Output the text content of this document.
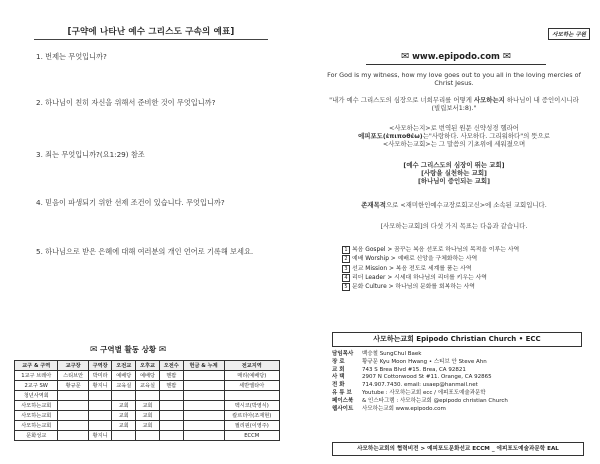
[구약에 나타난 예수 그리스도 구속의 예표]
1. 번제는 무엇입니까?
2. 하나님이 친히 자신을 위해서 준비한 것이 무엇입니까?
3. 죄는 무엇입니까?(요1:29) 참조
4. 믿음이 파생되기 위한 선제 조건이 있습니다. 무엇입니까?
5. 하나님으로 받은 은혜에 대해 여러분의 개인 언어로 기록해 보세요.
✉ 구역별 활동 상황 ✉
교구 & 구역	교구장	구역장	오전교	오후교	오전수	헌금 & 누계	전교지역
1교구 브레아	스티브안	박미라	예배당	예배당	헨팝		매리(예배당)
2교구 SW	황규문	황지니	교육실	교육실	헨팝		세반엘타아
청년사역회							
사모하는교회			교회	교회			멕시코(박영식)
사모하는교회			교회	교회			칼르더아(조재현)
사모하는교회			교회	교회			필리핀(이영주)
문화성교		황지니					ECCM
사모하는 구원
✉ www.epipodo.com ✉
For God is my witness, how my love goes out to you all in the loving mercies of Christ Jesus.
"내가 예수 그리스도의 심장으로 너희무리를 어떻게 사모하는지 하나님이 내 증인이시니라(빌립보서1:8)."
<사모하는지>로 번역된 원문 신약성경 헬라어
에피포도(ἐπιποθέω)는"사랑하다. 사모하다. 그리워하다"의 뜻으로
<사모하는교회>는 그 말씀의 기초위에 세워졌으며
[예수 그리스도의 심장이 뛰는 교회]
[사랑을 실천하는 교회]
[하나님이 증인되는 교회]
존재목적으로 <재미한인예수교장로회고신>에 소속된 교회입니다.
[사모하는교회]의 다섯 가지 목표는 다음과 같습니다.
1 복음 Gospel > 꿈꾸는 복음 선포로 하나님의 목적을 이루는 사역
2 예배 Worship > 예배로 신앙을 구체화하는 사역
3 선교 Mission > 복음 전도로 세계를 품는 사역
4 리더 Leader > 시세대 하나님의 리더를 키우는 사역
5 문화 Culture > 하나님의 문화를 회복하는 사역
사모하는교회 Epipodo Christian Church • ECC
담임목사 백승철 SungChul Baek
장 로	황규문 Kyu Moon Hwang • 스티브 안 Steve Ahn
교 회	743 S Brea Blvd #15. Brea, CA 92821
사 택	2907 N Cottonwood St #11. Orange, CA 92865
전 화	714.907.7430. email: usaep@hanmail.net
유 튜 브 Youtube : 사모하는교회 ecc / 에피포도예술과문학
페이스북 & 인스타그램 : 사모하는교회 @epipodo christian Church
웹사이트 사모하는교회 www.epipodo.com
사모하는교회의 협력비전 > 예피포도문화선교 ECCM _ 에피포도예술과문학 EAL
